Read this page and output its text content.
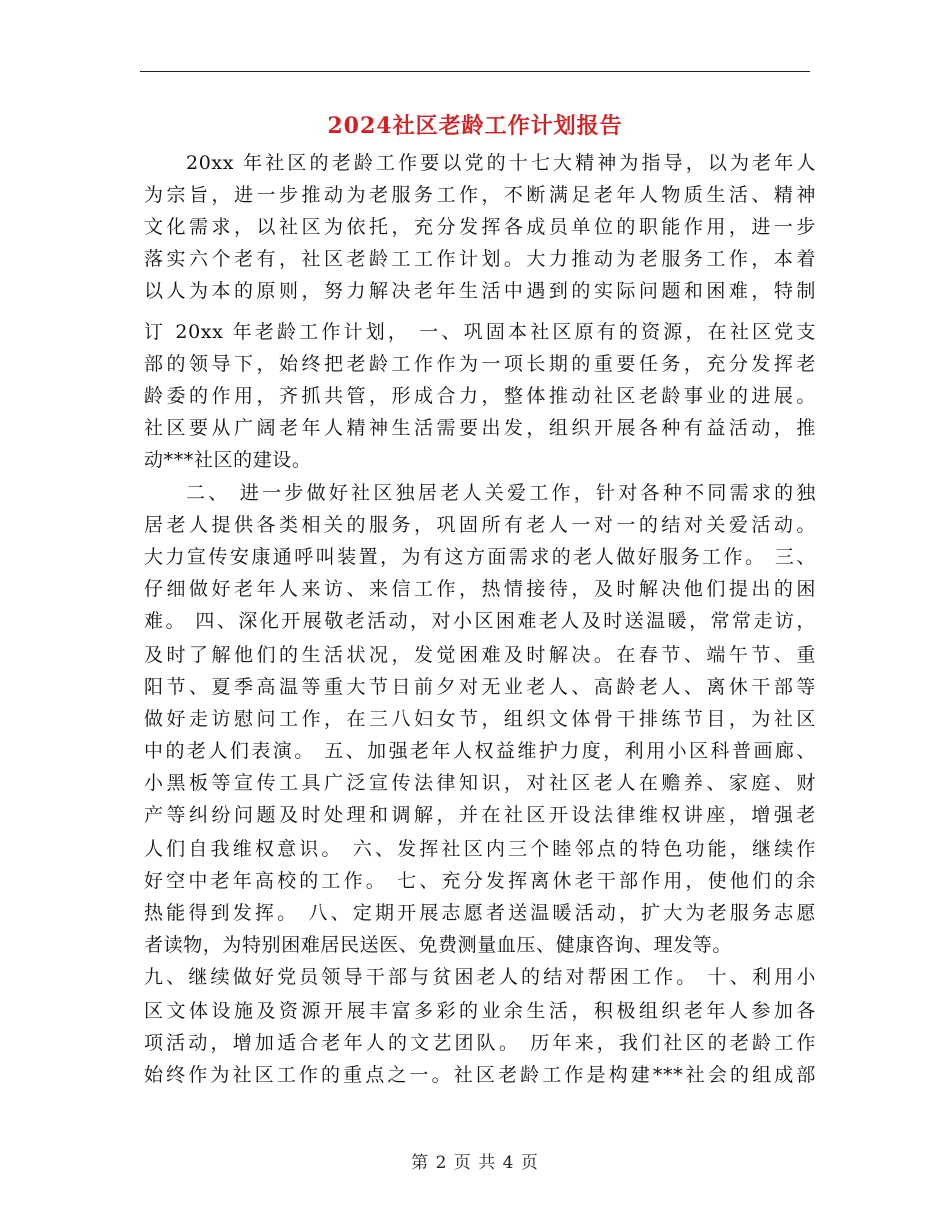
2024社区老龄工作计划报告
20xx 年社区的老龄工作要以党的十七大精神为指导，以为老年人
为宗旨，进一步推动为老服务工作，不断满足老年人物质生活、精神
文化需求，以社区为依托，充分发挥各成员单位的职能作用，进一步
落实六个老有，社区老龄工工作计划。大力推动为老服务工作，本着
以人为本的原则，努力解决老年生活中遇到的实际问题和困难，特制
订 20xx 年老龄工作计划， 一、巩固本社区原有的资源，在社区党支
部的领导下，始终把老龄工作作为一项长期的重要任务，充分发挥老
龄委的作用，齐抓共管，形成合力，整体推动社区老龄事业的进展。
社区要从广阔老年人精神生活需要出发，组织开展各种有益活动，推
动***社区的建设。
二、 进一步做好社区独居老人关爱工作，针对各种不同需求的独
居老人提供各类相关的服务，巩固所有老人一对一的结对关爱活动。
大力宣传安康通呼叫装置，为有这方面需求的老人做好服务工作。 三、
仔细做好老年人来访、来信工作，热情接待，及时解决他们提出的困
难。 四、深化开展敬老活动，对小区困难老人及时送温暖，常常走访，
及时了解他们的生活状况，发觉困难及时解决。在春节、端午节、重
阳节、夏季高温等重大节日前夕对无业老人、高龄老人、离休干部等
做好走访慰问工作，在三八妇女节，组织文体骨干排练节目，为社区
中的老人们表演。 五、加强老年人权益维护力度，利用小区科普画廊、
小黑板等宣传工具广泛宣传法律知识，对社区老人在赡养、家庭、财
产等纠纷问题及时处理和调解，并在社区开设法律维权讲座，增强老
人们自我维权意识。 六、发挥社区内三个睦邻点的特色功能，继续作
好空中老年高校的工作。 七、充分发挥离休老干部作用，使他们的余
热能得到发挥。 八、定期开展志愿者送温暖活动，扩大为老服务志愿
者读物，为特别困难居民送医、免费测量血压、健康咨询、理发等。
九、继续做好党员领导干部与贫困老人的结对帮困工作。 十、利用小
区文体设施及资源开展丰富多彩的业余生活，积极组织老年人参加各
项活动，增加适合老年人的文艺团队。 历年来，我们社区的老龄工作
始终作为社区工作的重点之一。社区老龄工作是构建***社会的组成部
第 2 页 共 4 页
